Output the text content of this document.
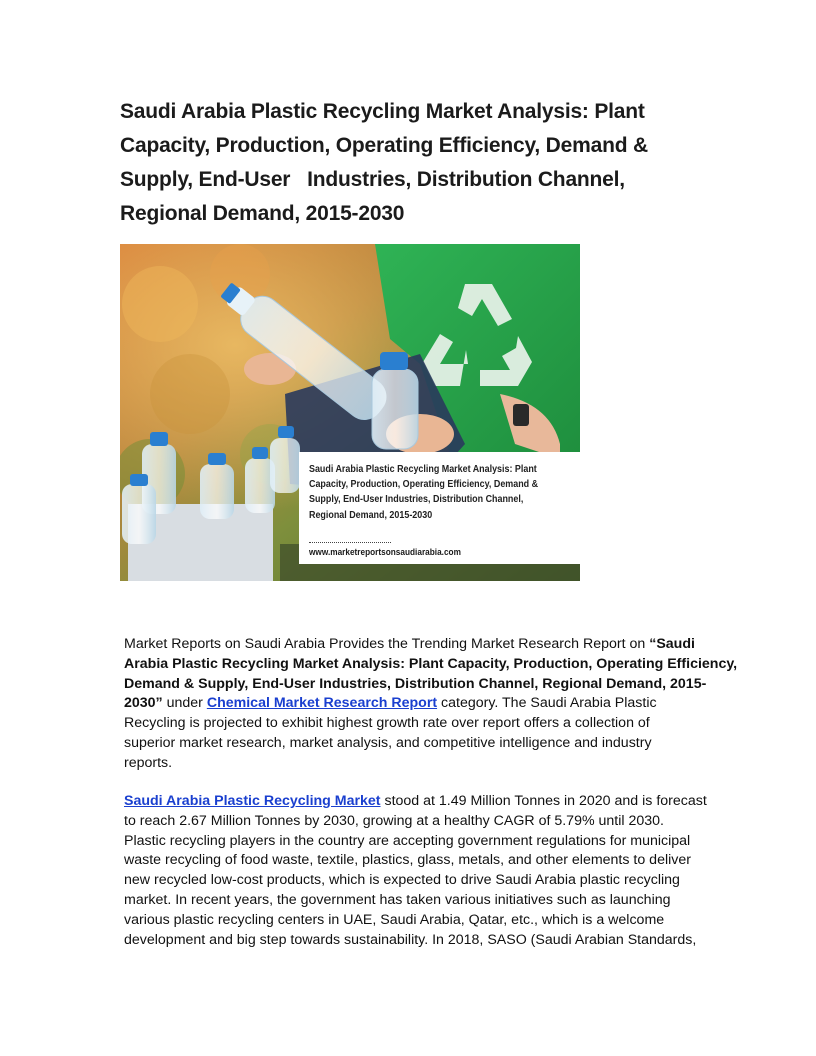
Saudi Arabia Plastic Recycling Market Analysis: Plant
Capacity, Production, Operating Efficiency, Demand &
Supply, End-User   Industries, Distribution Channel,
Regional Demand, 2015-2030

Saudi Arabia Plastic Recycling Market Analysis: Plant
Capacity, Production, Operating Efficiency, Demand &
Supply, End-User Industries, Distribution Channel,
Regional Demand, 2015-2030

www.marketreportsonsaudiarabia.com

Market Reports on Saudi Arabia Provides the Trending Market Research Report on “Saudi
Arabia Plastic Recycling Market Analysis: Plant Capacity, Production, Operating Efficiency,
Demand & Supply, End-User Industries, Distribution Channel, Regional Demand, 2015-
2030” under Chemical Market Research Report category. The Saudi Arabia Plastic
Recycling is projected to exhibit highest growth rate over report offers a collection of
superior market research, market analysis, and competitive intelligence and industry
reports.

Saudi Arabia Plastic Recycling Market stood at 1.49 Million Tonnes in 2020 and is forecast
to reach 2.67 Million Tonnes by 2030, growing at a healthy CAGR of 5.79% until 2030.
Plastic recycling players in the country are accepting government regulations for municipal
waste recycling of food waste, textile, plastics, glass, metals, and other elements to deliver
new recycled low-cost products, which is expected to drive Saudi Arabia plastic recycling
market. In recent years, the government has taken various initiatives such as launching
various plastic recycling centers in UAE, Saudi Arabia, Qatar, etc., which is a welcome
development and big step towards sustainability. In 2018, SASO (Saudi Arabian Standards,
